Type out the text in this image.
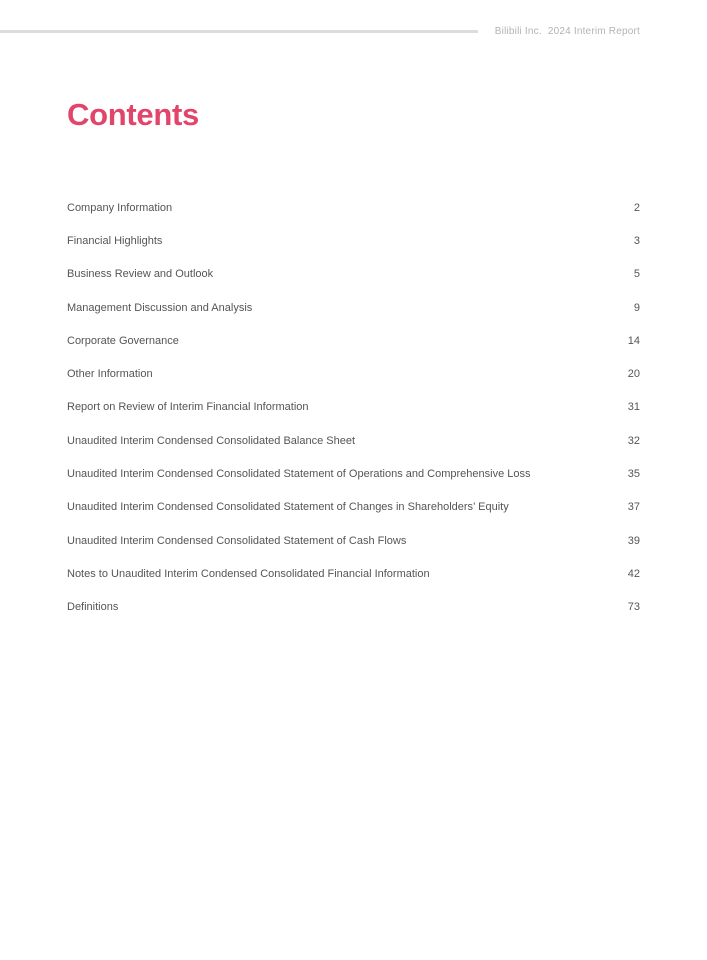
Bilibili Inc. 2024 Interim Report
Contents
Company Information	2
Financial Highlights	3
Business Review and Outlook	5
Management Discussion and Analysis	9
Corporate Governance	14
Other Information	20
Report on Review of Interim Financial Information	31
Unaudited Interim Condensed Consolidated Balance Sheet	32
Unaudited Interim Condensed Consolidated Statement of Operations and Comprehensive Loss	35
Unaudited Interim Condensed Consolidated Statement of Changes in Shareholders’ Equity	37
Unaudited Interim Condensed Consolidated Statement of Cash Flows	39
Notes to Unaudited Interim Condensed Consolidated Financial Information	42
Definitions	73
